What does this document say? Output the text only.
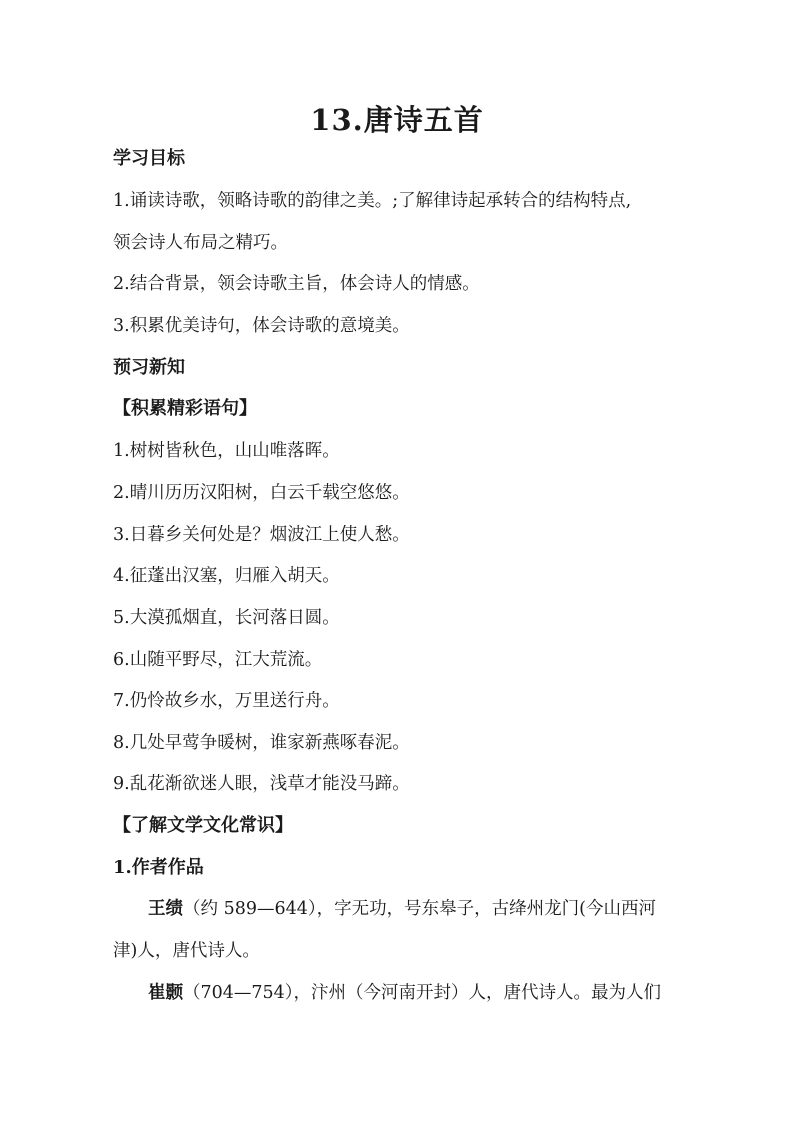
13.唐诗五首
学习目标
1.诵读诗歌，领略诗歌的韵律之美。;了解律诗起承转合的结构特点,
领会诗人布局之精巧。
2.结合背景，领会诗歌主旨，体会诗人的情感。
3.积累优美诗句，体会诗歌的意境美。
预习新知
【积累精彩语句】
1.树树皆秋色，山山唯落晖。
2.晴川历历汉阳树，白云千载空悠悠。
3.日暮乡关何处是？烟波江上使人愁。
4.征蓬出汉塞，归雁入胡天。
5.大漠孤烟直，长河落日圆。
6.山随平野尽，江大荒流。
7.仍怜故乡水，万里送行舟。
8.几处早莺争暖树，谁家新燕啄春泥。
9.乱花渐欲迷人眼，浅草才能没马蹄。
【了解文学文化常识】
1.作者作品
王绩（约 589—644），字无功，号东皋子，古绛州龙门(今山西河
津)人，唐代诗人。
崔颢（704—754），汴州（今河南开封）人，唐代诗人。最为人们
